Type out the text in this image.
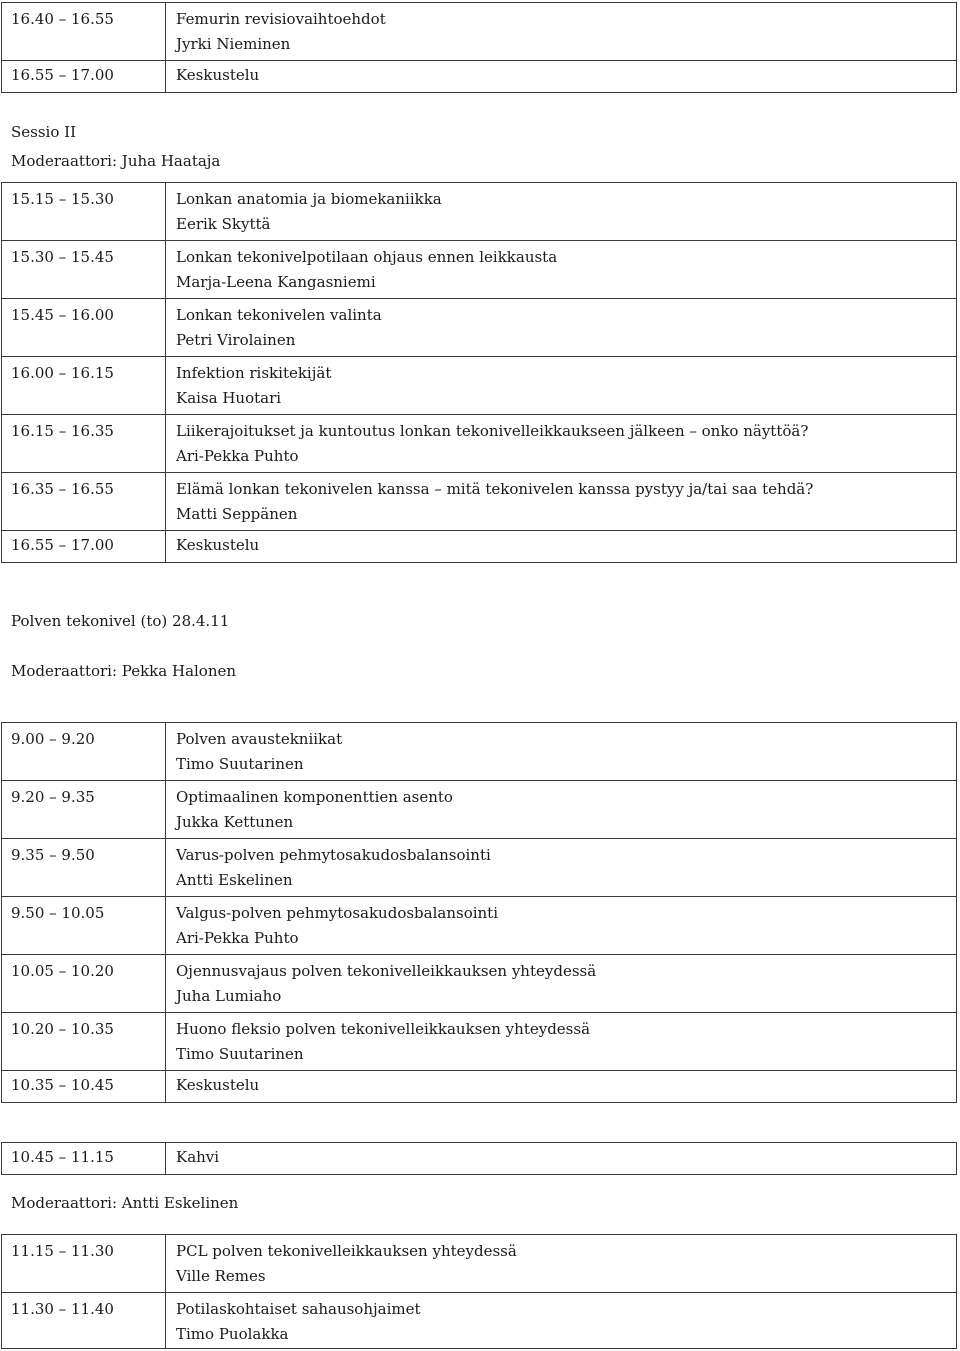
16.40 – 16.55	Femurin revisiovaihtoehdot
Jyrki Nieminen

16.55 – 17.00	Keskustelu
Sessio II
Moderaattori: Juha Haataja
15.15 – 15.30	Lonkan anatomia ja biomekaniikka
Eerik Skyttä

15.30 – 15.45	Lonkan tekonivelpotilaan ohjaus ennen leikkausta
Marja-Leena Kangasniemi

15.45 – 16.00	Lonkan tekonivelen valinta
Petri Virolainen

16.00 – 16.15	Infektion riskitekijät
Kaisa Huotari

16.15 – 16.35	Liikerajoitukset ja kuntoutus lonkan tekonivelleikkaukseen jälkeen – onko näyttöä?
Ari-Pekka Puhto

16.35 – 16.55	Elämä lonkan tekonivelen kanssa – mitä tekonivelen kanssa pystyy ja/tai saa tehdä?
Matti Seppänen

16.55 – 17.00	Keskustelu
Polven tekonivel (to) 28.4.11
Moderaattori: Pekka Halonen
9.00 – 9.20	Polven avaustekniikat
Timo Suutarinen

9.20 – 9.35	Optimaalinen komponenttien asento
Jukka Kettunen

9.35 – 9.50	Varus-polven pehmytosakudosbalansointi
Antti Eskelinen

9.50 – 10.05	Valgus-polven pehmytosakudosbalansointi
Ari-Pekka Puhto

10.05 – 10.20	Ojennusvajaus polven tekonivelleikkauksen yhteydessä
Juha Lumiaho

10.20 – 10.35	Huono fleksio polven tekonivelleikkauksen yhteydessä
Timo Suutarinen

10.35 – 10.45	Keskustelu
10.45 – 11.15	Kahvi
Moderaattori: Antti Eskelinen
11.15 – 11.30	PCL polven tekonivelleikkauksen yhteydessä
Ville Remes

11.30 – 11.40	Potilaskohtaiset sahausohjaimet
Timo Puolakka
